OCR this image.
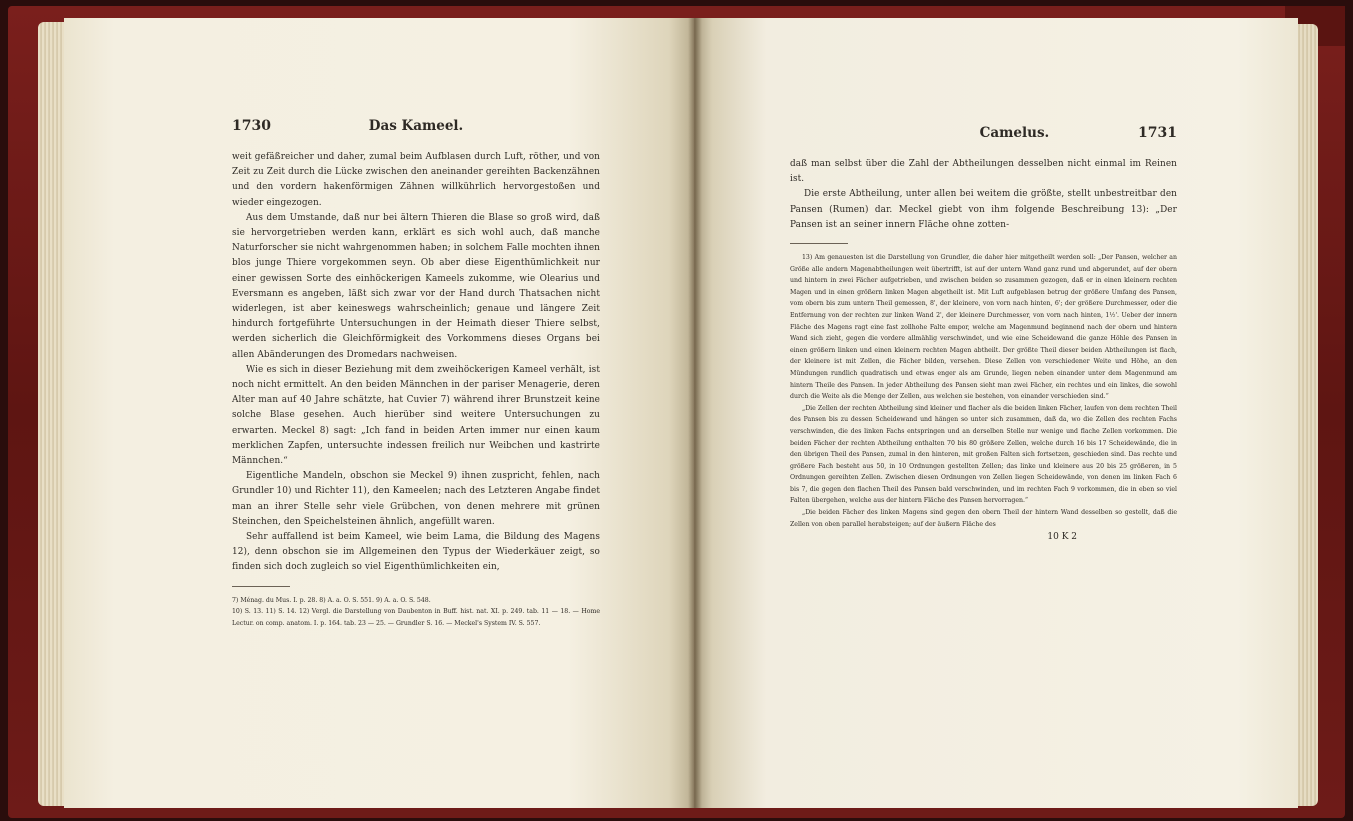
1730	Das Kameel.

weit gefäßreicher und daher, zumal beim Aufblasen durch Luft, röther, und von Zeit zu Zeit durch die Lücke zwischen den aneinander gereihten Backenzähnen und den vordern hakenförmigen Zähnen willkührlich hervorgestoßen und wieder eingezogen.

Aus dem Umstande, daß nur bei ältern Thieren die Blase so groß wird, daß sie hervorgetrieben werden kann, erklärt es sich wohl auch, daß manche Naturforscher sie nicht wahrgenommen haben; in solchem Falle mochten ihnen blos junge Thiere vorgekommen seyn. Ob aber diese Eigenthümlichkeit nur einer gewissen Sorte des einhöckerigen Kameels zukomme, wie Olearius und Eversmann es angeben, läßt sich zwar vor der Hand durch Thatsachen nicht widerlegen, ist aber keineswegs wahrscheinlich; genaue und längere Zeit hindurch fortgeführte Untersuchungen in der Heimath dieser Thiere selbst, werden sicherlich die Gleichförmigkeit des Vorkommens dieses Organs bei allen Abänderungen des Dromedars nachweisen.

Wie es sich in dieser Beziehung mit dem zweihöckerigen Kameel verhält, ist noch nicht ermittelt. An den beiden Männchen in der pariser Menagerie, deren Alter man auf 40 Jahre schätzte, hat Cuvier 7) während ihrer Brunstzeit keine solche Blase gesehen. Auch hierüber sind weitere Untersuchungen zu erwarten. Meckel 8) sagt: „Ich fand in beiden Arten immer nur einen kaum merklichen Zapfen, untersuchte indessen freilich nur Weibchen und kastrirte Männchen.“

Eigentliche Mandeln, obschon sie Meckel 9) ihnen zuspricht, fehlen, nach Grundler 10) und Richter 11), den Kameelen; nach des Letzteren Angabe findet man an ihrer Stelle sehr viele Grübchen, von denen mehrere mit grünen Steinchen, den Speichelsteinen ähnlich, angefüllt waren.

Sehr auffallend ist beim Kameel, wie beim Lama, die Bildung des Magens 12), denn obschon sie im Allgemeinen den Typus der Wiederkäuer zeigt, so finden sich doch zugleich so viel Eigenthümlichkeiten ein,

7) Ménag. du Mus. I. p. 28. 8) A. a. O. S. 551. 9) A. a. O. S. 548.

10) S. 13. 11) S. 14. 12) Vergl. die Darstellung von Daubenton in Buff. hist. nat. XI. p. 249. tab. 11 — 18. — Home Lectur. on comp. anatom. I. p. 164. tab. 23 — 25. — Grundler S. 16. — Meckel's System IV. S. 557.

Camelus.	1731

daß man selbst über die Zahl der Abtheilungen desselben nicht einmal im Reinen ist.

Die erste Abtheilung, unter allen bei weitem die größte, stellt unbestreitbar den Pansen (Rumen) dar. Meckel giebt von ihm folgende Beschreibung 13): „Der Pansen ist an seiner innern Fläche ohne zotten-

13) Am genauesten ist die Darstellung von Grundler, die daher hier mitgetheilt werden soll: „Der Pansen, welcher an Größe alle andern Magenabtheilungen weit übertrifft, ist auf der untern Wand ganz rund und abgerundet, auf der obern und hintern in zwei Fächer aufgetrieben, und zwischen beiden so zusammen gezogen, daß er in einen kleinern rechten Magen und in einen größern linken Magen abgetheilt ist. Mit Luft aufgeblasen betrug der größere Umfang des Pansen, vom obern bis zum untern Theil gemessen, 8', der kleinere, von vorn nach hinten, 6'; der größere Durchmesser, oder die Entfernung von der rechten zur linken Wand 2', der kleinere Durchmesser, von vorn nach hinten, 1½'. Ueber der innern Fläche des Magens ragt eine fast zollhohe Falte empor, welche am Magenmund beginnend nach der obern und hintern Wand sich zieht, gegen die vordere allmählig verschwindet, und wie eine Scheidewand die ganze Höhle des Pansen in einen größern linken und einen kleinern rechten Magen abtheilt. Der größte Theil dieser beiden Abtheilungen ist flach, der kleinere ist mit Zellen, die Fächer bilden, versehen. Diese Zellen von verschiedener Weite und Höhe, an den Mündungen rundlich quadratisch und etwas enger als am Grunde, liegen neben einander unter dem Magenmund am hintern Theile des Pansen. In jeder Abtheilung des Pansen sieht man zwei Fächer, ein rechtes und ein linkes, die sowohl durch die Weite als die Menge der Zellen, aus welchen sie bestehen, von einander verschieden sind.“

„Die Zellen der rechten Abtheilung sind kleiner und flacher als die beiden linken Fächer, laufen von dem rechten Theil des Pansen bis zu dessen Scheidewand und hängen so unter sich zusammen, daß da, wo die Zellen des rechten Fachs verschwinden, die des linken Fachs entspringen und an derselben Stelle nur wenige und flache Zellen vorkommen. Die beiden Fächer der rechten Abtheilung enthalten 70 bis 80 größere Zellen, welche durch 16 bis 17 Scheidewände, die in den übrigen Theil des Pansen, zumal in den hinteren, mit großen Falten sich fortsetzen, geschieden sind. Das rechte und größere Fach besteht aus 50, in 10 Ordnungen gestellten Zellen; das linke und kleinere aus 20 bis 25 größeren, in 5 Ordnungen gereihten Zellen. Zwischen diesen Ordnungen von Zellen liegen Scheidewände, von denen im linken Fach 6 bis 7, die gegen den flachen Theil des Pansen bald verschwinden, und im rechten Fach 9 vorkommen, die in eben so viel Falten übergehen, welche aus der hintern Fläche des Pansen hervorragen.“

„Die beiden Fächer des linken Magens sind gegen den obern Theil der hintern Wand desselben so gestellt, daß die Zellen von oben parallel herabsteigen; auf der äußern Fläche des

10 K 2
